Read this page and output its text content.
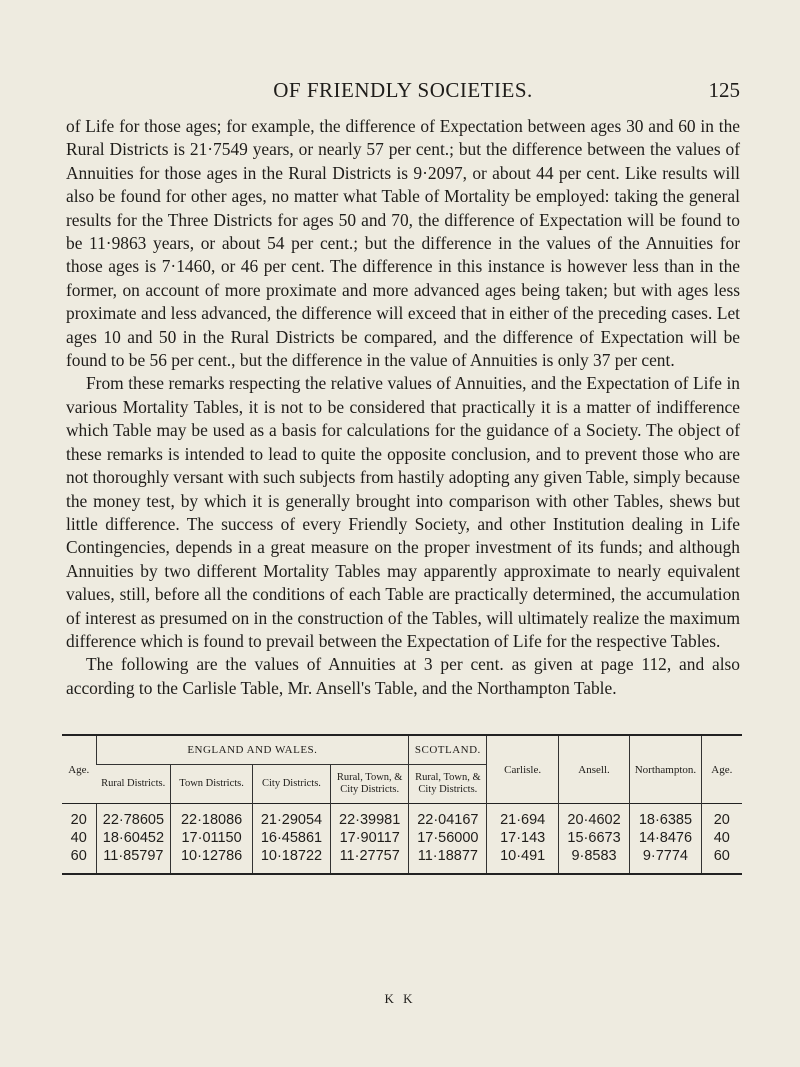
OF FRIENDLY SOCIETIES.	125

of Life for those ages; for example, the difference of Expectation between ages 30 and 60 in the Rural Districts is 21·7549 years, or nearly 57 per cent.; but the difference between the values of Annuities for those ages in the Rural Districts is 9·2097, or about 44 per cent. Like results will also be found for other ages, no matter what Table of Mortality be employed: taking the general results for the Three Districts for ages 50 and 70, the difference of Expectation will be found to be 11·9863 years, or about 54 per cent.; but the difference in the values of the Annuities for those ages is 7·1460, or 46 per cent. The difference in this instance is however less than in the former, on account of more proximate and more advanced ages being taken; but with ages less proximate and less advanced, the difference will exceed that in either of the preceding cases. Let ages 10 and 50 in the Rural Districts be compared, and the difference of Expectation will be found to be 56 per cent., but the difference in the value of Annuities is only 37 per cent.

From these remarks respecting the relative values of Annuities, and the Expectation of Life in various Mortality Tables, it is not to be considered that practically it is a matter of indifference which Table may be used as a basis for calculations for the guidance of a Society. The object of these remarks is intended to lead to quite the opposite conclusion, and to prevent those who are not thoroughly versant with such subjects from hastily adopting any given Table, simply because the money test, by which it is generally brought into comparison with other Tables, shews but little difference. The success of every Friendly Society, and other Institution dealing in Life Contingencies, depends in a great measure on the proper investment of its funds; and although Annuities by two different Mortality Tables may apparently approximate to nearly equivalent values, still, before all the conditions of each Table are practically determined, the accumulation of interest as presumed on in the construction of the Tables, will ultimately realize the maximum difference which is found to prevail between the Expectation of Life for the respective Tables.

The following are the values of Annuities at 3 per cent. as given at page 112, and also according to the Carlisle Table, Mr. Ansell's Table, and the Northampton Table.

Age.	ENGLAND AND WALES.				SCOTLAND.	Carlisle.	Ansell.	Northampton.	Age.
	Rural Districts.	Town Districts.	City Districts.	Rural, Town, & City Districts.	Rural, Town, & City Districts.				
20	22·78605	22·18086	21·29054	22·39981	22·04167	21·694	20·4602	18·6385	20
40	18·60452	17·01150	16·45861	17·90117	17·56000	17·143	15·6673	14·8476	40
60	11·85797	10·12786	10·18722	11·27757	11·18877	10·491	9·8583	9·7774	60
K K
